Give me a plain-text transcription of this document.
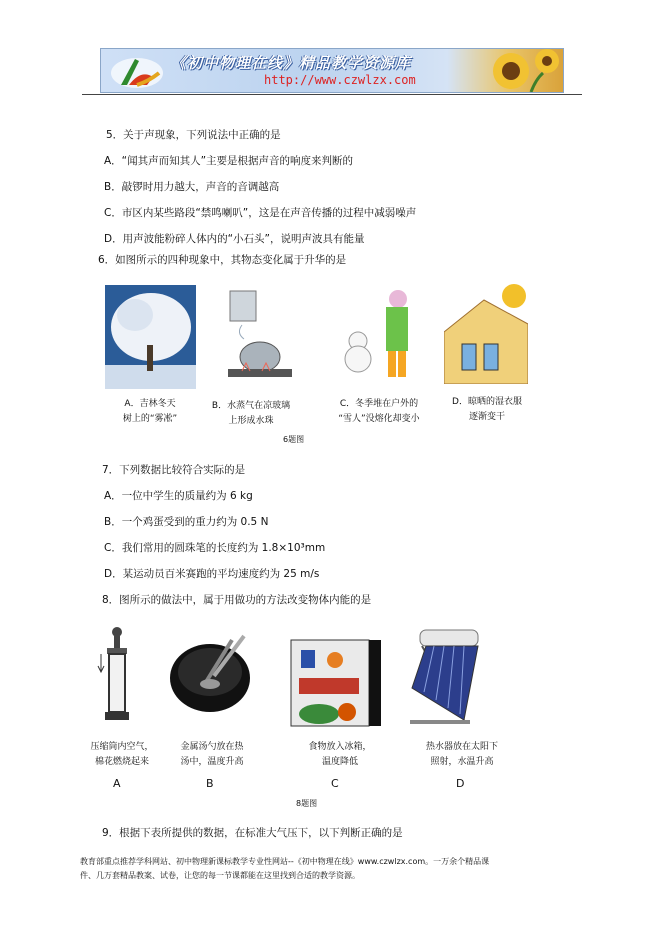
《初中物理在线》精品教学资源库
http://www.czwlzx.com
5．关于声现象，下列说法中正确的是
A．“闻其声而知其人”主要是根据声音的响度来判断的
B．敲锣时用力越大，声音的音调越高
C．市区内某些路段“禁鸣喇叭”，这是在声音传播的过程中减弱噪声
D．用声波能粉碎人体内的“小石头”，说明声波具有能量
6．如图所示的四种现象中，其物态变化属于升华的是
A．吉林冬天
树上的“雾凇”
B．水蒸气在凉玻璃
上形成水珠
C．冬季堆在户外的
“雪人”没熔化却变小
D．晾晒的湿衣服
逐渐变干
6题图
7．下列数据比较符合实际的是
A．一位中学生的质量约为 6 kg
B．一个鸡蛋受到的重力约为 0.5 N
C．我们常用的圆珠笔的长度约为 1.8×10³mm
D．某运动员百米赛跑的平均速度约为 25 m/s
8．图所示的做法中，属于用做功的方法改变物体内能的是
压缩筒内空气，
棉花燃烧起来
金属汤勺放在热
汤中，温度升高
食物放入冰箱，
温度降低
热水器放在太阳下
照射，水温升高
A	B	C	D
8题图
9．根据下表所提供的数据，在标准大气压下，以下判断正确的是
教育部重点推荐学科网站、初中物理新课标教学专业性网站--《初中物理在线》www.czwlzx.com。一万余个精品课
件、几万套精品教案、试卷，让您的每一节课都能在这里找到合适的教学资源。
